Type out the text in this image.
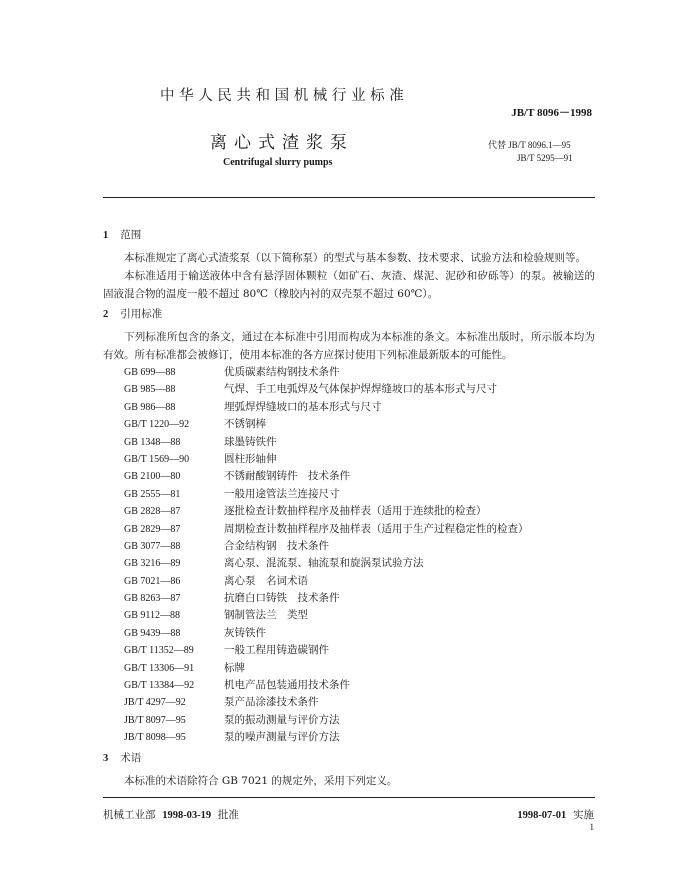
中华人民共和国机械行业标准
JB/T 8096－1998
离心式渣浆泵
Centrifugal slurry pumps
代替 JB/T 8096.1—95
JB/T 5295—91
1 范围
本标准规定了离心式渣浆泵（以下简称泵）的型式与基本参数、技术要求、试验方法和检验规则等。
本标准适用于输送液体中含有悬浮固体颗粒（如矿石、灰渣、煤泥、泥砂和矽砾等）的泵。被输送的固液混合物的温度一般不超过 80℃（橡胶内衬的双壳泵不超过 60℃）。
2 引用标准
下列标准所包含的条文，通过在本标准中引用而构成为本标准的条文。本标准出版时，所示版本均为有效。所有标准都会被修订，使用本标准的各方应探讨使用下列标准最新版本的可能性。
GB 699—88	优质碳素结构钢技术条件
GB 985—88	气焊、手工电弧焊及气体保护焊焊缝坡口的基本形式与尺寸
GB 986—88	埋弧焊焊缝坡口的基本形式与尺寸
GB/T 1220—92	不锈钢棒
GB 1348—88	球墨铸铁件
GB/T 1569—90	圆柱形轴伸
GB 2100—80	不锈耐酸钢铸件　技术条件
GB 2555—81	一般用途管法兰连接尺寸
GB 2828—87	逐批检查计数抽样程序及抽样表（适用于连续批的检查）
GB 2829—87	周期检查计数抽样程序及抽样表（适用于生产过程稳定性的检查）
GB 3077—88	合金结构钢　技术条件
GB 3216—89	离心泵、混流泵、轴流泵和旋涡泵试验方法
GB 7021—86	离心泵　名词术语
GB 8263—87	抗磨白口铸铁　技术条件
GB 9112—88	钢制管法兰　类型
GB 9439—88	灰铸铁件
GB/T 11352—89	一般工程用铸造碳钢件
GB/T 13306—91	标牌
GB/T 13384—92	机电产品包装通用技术条件
JB/T 4297—92	泵产品涂漆技术条件
JB/T 8097—95	泵的振动测量与评价方法
JB/T 8098—95	泵的噪声测量与评价方法
3 术语
本标准的术语除符合 GB 7021 的规定外，采用下列定义。
机械工业部 1998-03-19 批准	1998-07-01 实施
1
